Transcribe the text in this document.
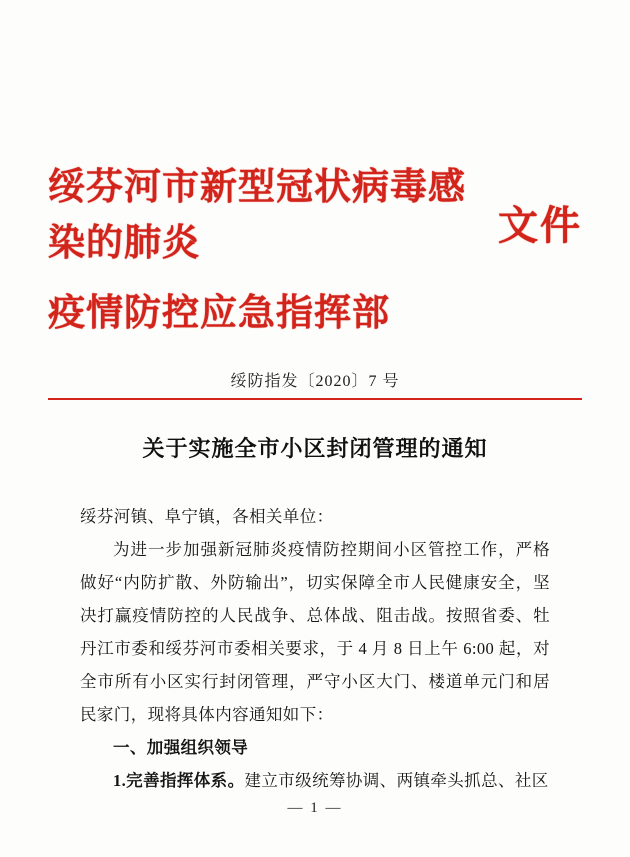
绥芬河市新型冠状病毒感染的肺炎
疫情防控应急指挥部
文件
绥防指发〔2020〕7 号
关于实施全市小区封闭管理的通知

绥芬河镇、阜宁镇，各相关单位：

为进一步加强新冠肺炎疫情防控期间小区管控工作，严格做好“内防扩散、外防输出”，切实保障全市人民健康安全，坚决打赢疫情防控的人民战争、总体战、阻击战。按照省委、牡丹江市委和绥芬河市委相关要求，于 4 月 8 日上午 6:00 起，对全市所有小区实行封闭管理，严守小区大门、楼道单元门和居民家门，现将具体内容通知如下：

一、加强组织领导

1.完善指挥体系。建立市级统筹协调、两镇牵头抓总、社区

— 1 —
